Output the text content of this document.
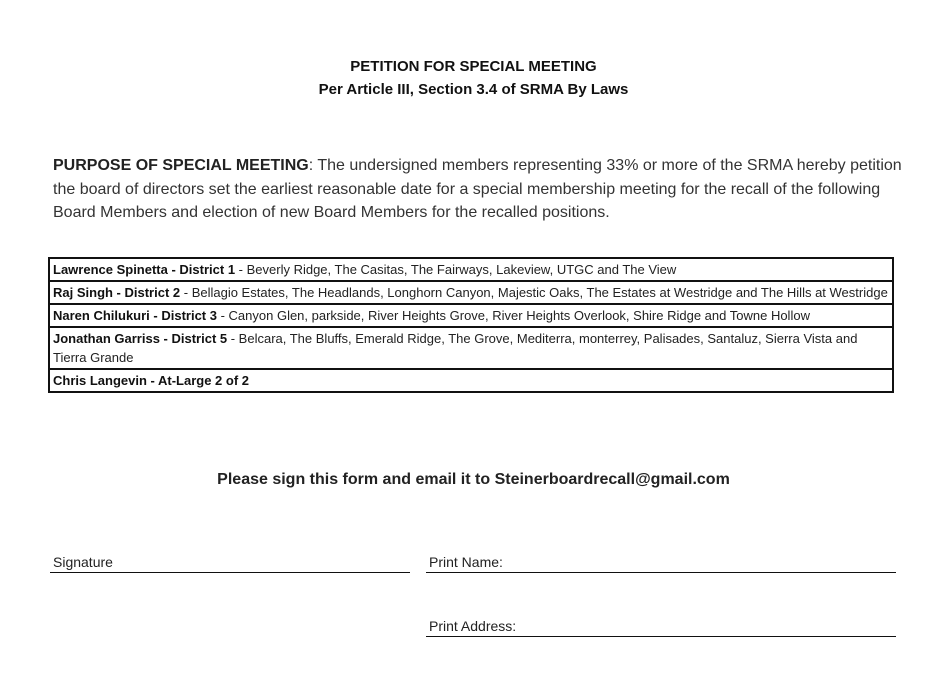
PETITION FOR SPECIAL MEETING
Per Article III, Section 3.4 of SRMA By Laws
PURPOSE OF SPECIAL MEETING: The undersigned members representing 33% or more of the SRMA hereby petition the board of directors set the earliest reasonable date for a special membership meeting for the recall of the following Board Members and election of new Board Members for the recalled positions.
Lawrence Spinetta - District 1 - Beverly Ridge, The Casitas, The Fairways, Lakeview, UTGC and The View
Raj Singh - District 2 - Bellagio Estates, The Headlands, Longhorn Canyon, Majestic Oaks, The Estates at Westridge and The Hills at Westridge
Naren Chilukuri - District 3 - Canyon Glen, parkside, River Heights Grove, River Heights Overlook, Shire Ridge and Towne Hollow
Jonathan Garriss - District 5 - Belcara, The Bluffs, Emerald Ridge, The Grove, Mediterra, monterrey, Palisades, Santaluz, Sierra Vista and Tierra Grande
Chris Langevin - At-Large 2 of 2
Please sign this form and email it to Steinerboardrecall@gmail.com
Signature	Print Name:
Print Address:
